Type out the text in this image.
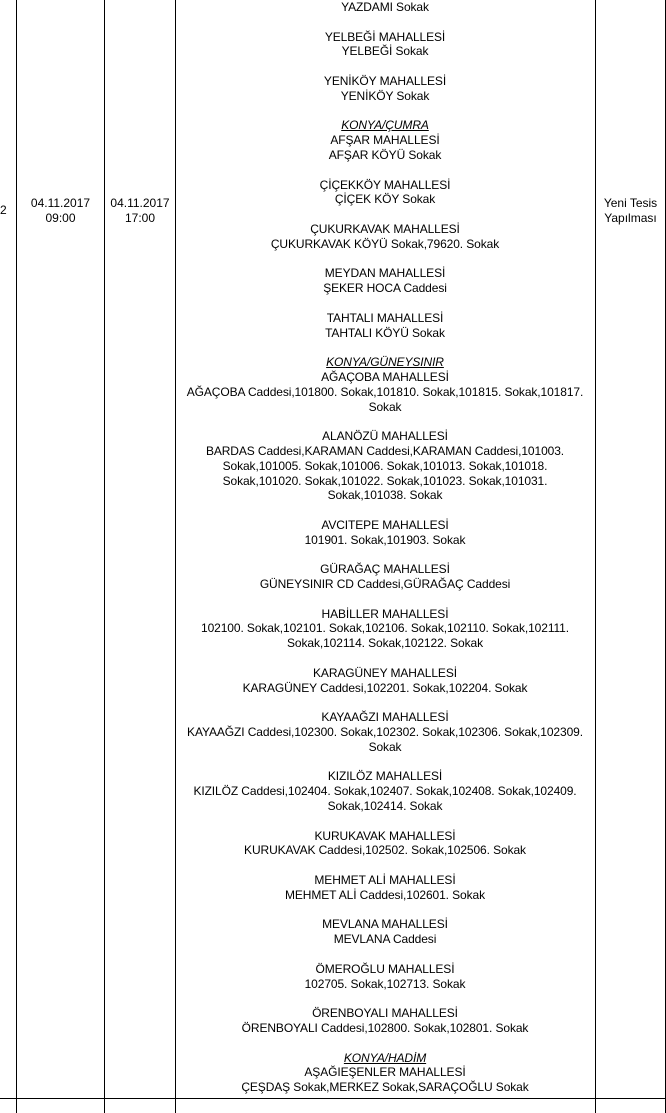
2	04.11.2017
09:00
04.11.2017
17:00
Yeni Tesis
Yapılması
YAZDAMI Sokak
YELBEĞİ MAHALLESİ
YELBEĞİ Sokak
YENİKÖY MAHALLESİ
YENİKÖY Sokak
KONYA/ÇUMRA
AFŞAR MAHALLESİ
AFŞAR KÖYÜ Sokak
ÇİÇEKKÖY MAHALLESİ
ÇİÇEK KÖY Sokak
ÇUKURKAVAK MAHALLESİ
ÇUKURKAVAK KÖYÜ Sokak,79620. Sokak
MEYDAN MAHALLESİ
ŞEKER HOCA Caddesi
TAHTALI MAHALLESİ
TAHTALI KÖYÜ Sokak
KONYA/GÜNEYSINIR
AĞAÇOBA MAHALLESİ
AĞAÇOBA Caddesi,101800. Sokak,101810. Sokak,101815. Sokak,101817.
Sokak
ALANÖZÜ MAHALLESİ
BARDAS Caddesi,KARAMAN Caddesi,KARAMAN Caddesi,101003.
Sokak,101005. Sokak,101006. Sokak,101013. Sokak,101018.
Sokak,101020. Sokak,101022. Sokak,101023. Sokak,101031.
Sokak,101038. Sokak
AVCITEPE MAHALLESİ
101901. Sokak,101903. Sokak
GÜRAĞAÇ MAHALLESİ
GÜNEYSINIR CD Caddesi,GÜRAĞAÇ Caddesi
HABİLLER MAHALLESİ
102100. Sokak,102101. Sokak,102106. Sokak,102110. Sokak,102111.
Sokak,102114. Sokak,102122. Sokak
KARAGÜNEY MAHALLESİ
KARAGÜNEY Caddesi,102201. Sokak,102204. Sokak
KAYAAĞZI MAHALLESİ
KAYAAĞZI Caddesi,102300. Sokak,102302. Sokak,102306. Sokak,102309.
Sokak
KIZILÖZ MAHALLESİ
KIZILÖZ Caddesi,102404. Sokak,102407. Sokak,102408. Sokak,102409.
Sokak,102414. Sokak
KURUKAVAK MAHALLESİ
KURUKAVAK Caddesi,102502. Sokak,102506. Sokak
MEHMET ALİ MAHALLESİ
MEHMET ALİ Caddesi,102601. Sokak
MEVLANA MAHALLESİ
MEVLANA Caddesi
ÖMEROĞLU MAHALLESİ
102705. Sokak,102713. Sokak
ÖRENBOYALI MAHALLESİ
ÖRENBOYALI Caddesi,102800. Sokak,102801. Sokak
KONYA/HADİM
AŞAĞIEŞENLER MAHALLESİ
ÇEŞDAŞ Sokak,MERKEZ Sokak,SARAÇOĞLU Sokak
